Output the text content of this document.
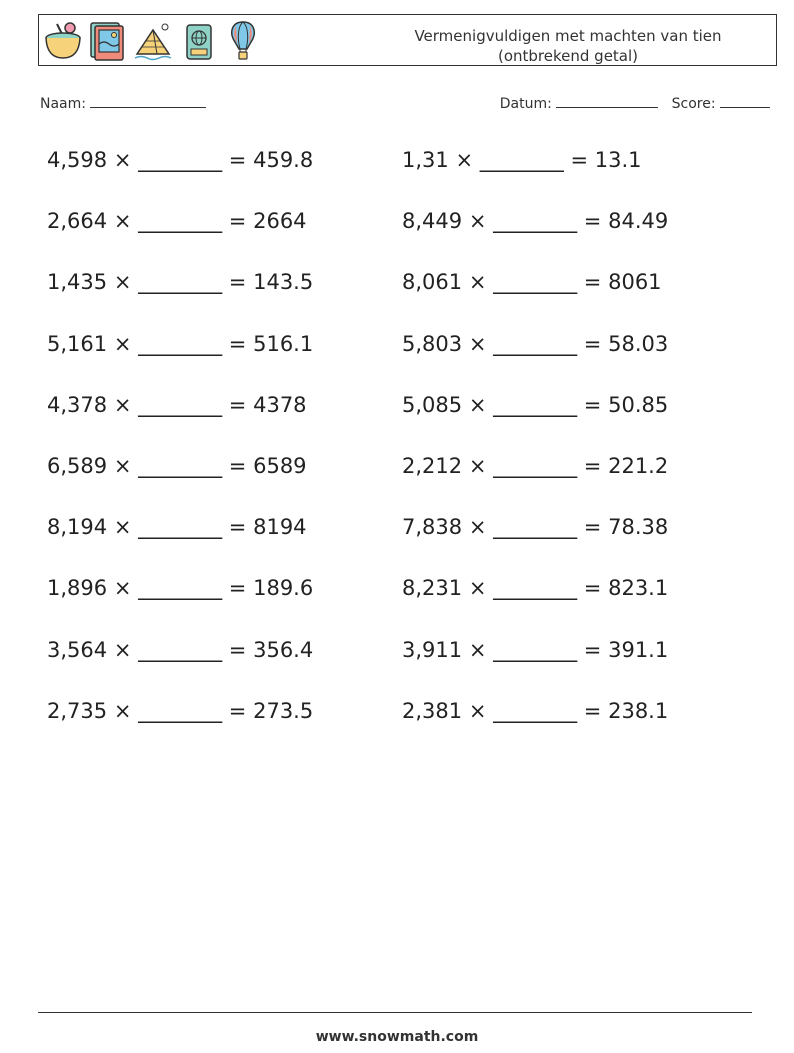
Vermenigvuldigen met machten van tien
(ontbrekend getal)
Naam:	Datum:	Score:
4,598 × ________ = 459.8
2,664 × ________ = 2664
1,435 × ________ = 143.5
5,161 × ________ = 516.1
4,378 × ________ = 4378
6,589 × ________ = 6589
8,194 × ________ = 8194
1,896 × ________ = 189.6
3,564 × ________ = 356.4
2,735 × ________ = 273.5
1,31 × ________ = 13.1
8,449 × ________ = 84.49
8,061 × ________ = 8061
5,803 × ________ = 58.03
5,085 × ________ = 50.85
2,212 × ________ = 221.2
7,838 × ________ = 78.38
8,231 × ________ = 823.1
3,911 × ________ = 391.1
2,381 × ________ = 238.1
www.snowmath.com
